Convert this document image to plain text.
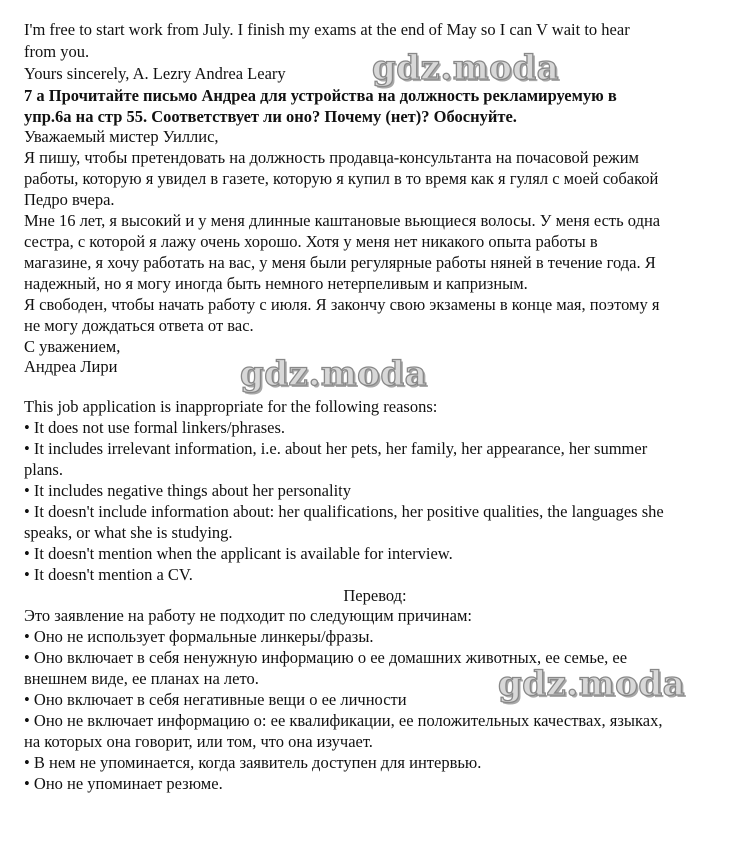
I'm free to start work from July. I finish my exams at the end of May so I can V wait to hear
from you.
Yours sincerely, A. Lezry Andrea Leary
7 а Прочитайте письмо Андреа для устройства на должность рекламируемую в
упр.6а на стр 55. Соответствует ли оно? Почему (нет)? Обоснуйте.
Уважаемый мистер Уиллис,
Я пишу, чтобы претендовать на должность продавца-консультанта на почасовой режим
работы, которую я увидел в газете, которую я купил в то время как я гулял с моей собакой
Педро вчера.
Мне 16 лет, я высокий и у меня длинные каштановые вьющиеся волосы. У меня есть одна
сестра, с которой я лажу очень хорошо. Хотя у меня нет никакого опыта работы в
магазине, я хочу работать на вас, у меня были регулярные работы няней в течение года. Я
надежный, но я могу иногда быть немного нетерпеливым и капризным.
Я свободен, чтобы начать работу с июля. Я закончу свою экзамены в конце мая, поэтому я
не могу дождаться ответа от вас.
С уважением,
Андреа Лири
This job application is inappropriate for the following reasons:
• It does not use formal linkers/phrases.
• It includes irrelevant information, i.e. about her pets, her family, her appearance, her summer
plans.
• It includes negative things about her personality
• It doesn't include information about: her qualifications, her positive qualities, the languages she
speaks, or what she is studying.
• It doesn't mention when the applicant is available for interview.
• It doesn't mention a CV.
Перевод:
Это заявление на работу не подходит по следующим причинам:
• Оно не использует формальные линкеры/фразы.
• Оно включает в себя ненужную информацию о ее домашних животных, ее семье, ее
внешнем виде, ее планах на лето.
• Оно включает в себя негативные вещи о ее личности
• Оно не включает информацию о: ее квалификации, ее положительных качествах, языках,
на которых она говорит, или том, что она изучает.
• В нем не упоминается, когда заявитель доступен для интервью.
• Оно не упоминает резюме.
gdz.moda
gdz.moda
gdz.moda
